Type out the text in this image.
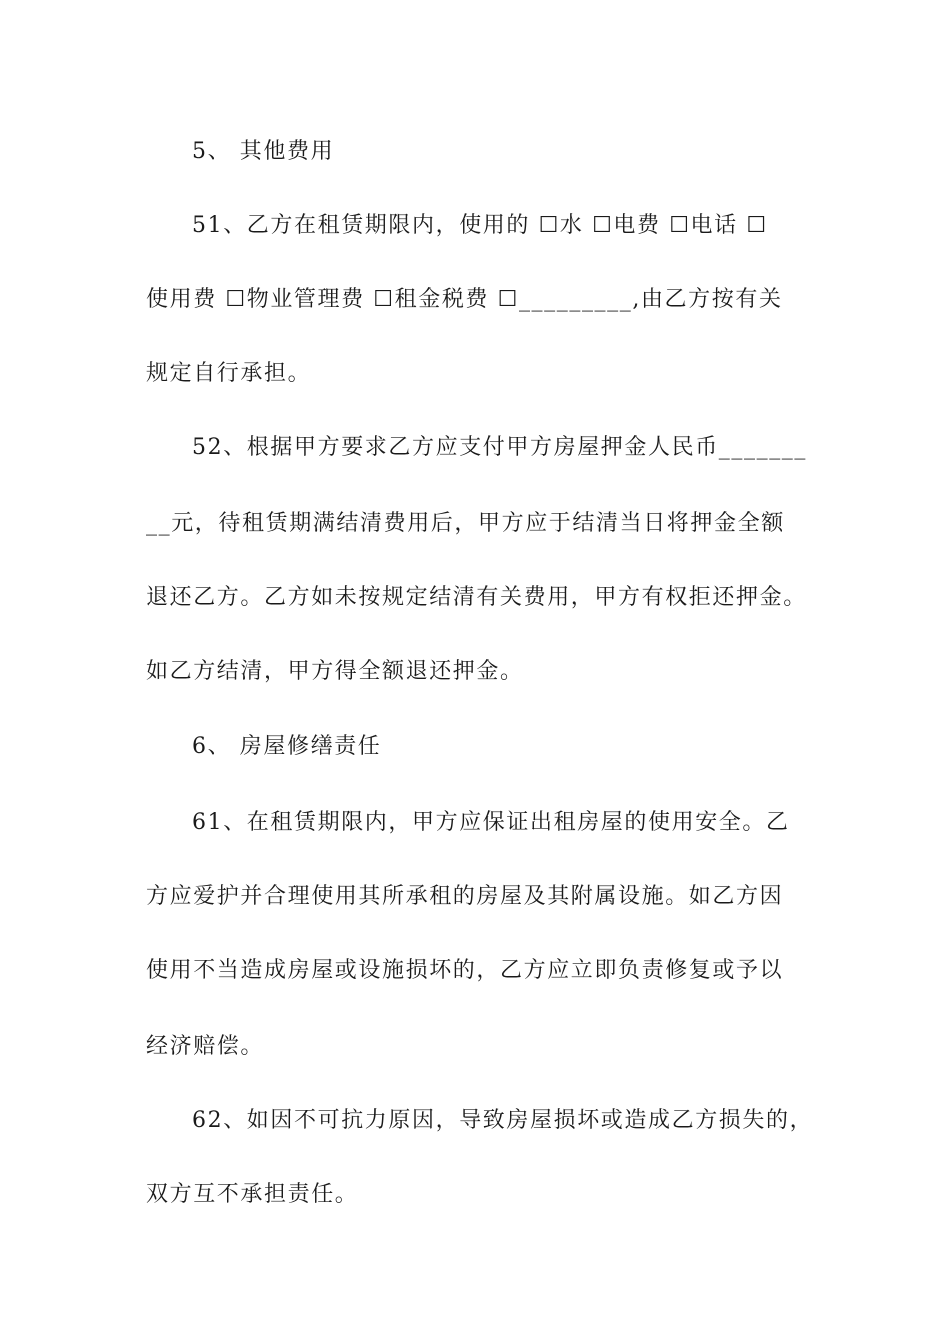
5、 其他费用
51、乙方在租赁期限内，使用的 ☐水 ☐电费 ☐电话 ☐
使用费 ☐物业管理费 ☐租金税费 ☐_________,由乙方按有关
规定自行承担。
52、根据甲方要求乙方应支付甲方房屋押金人民币_______
__元，待租赁期满结清费用后，甲方应于结清当日将押金全额
退还乙方。乙方如未按规定结清有关费用，甲方有权拒还押金。
如乙方结清，甲方得全额退还押金。
6、 房屋修缮责任
61、在租赁期限内，甲方应保证出租房屋的使用安全。乙
方应爱护并合理使用其所承租的房屋及其附属设施。如乙方因
使用不当造成房屋或设施损坏的，乙方应立即负责修复或予以
经济赔偿。
62、如因不可抗力原因，导致房屋损坏或造成乙方损失的，
双方互不承担责任。
